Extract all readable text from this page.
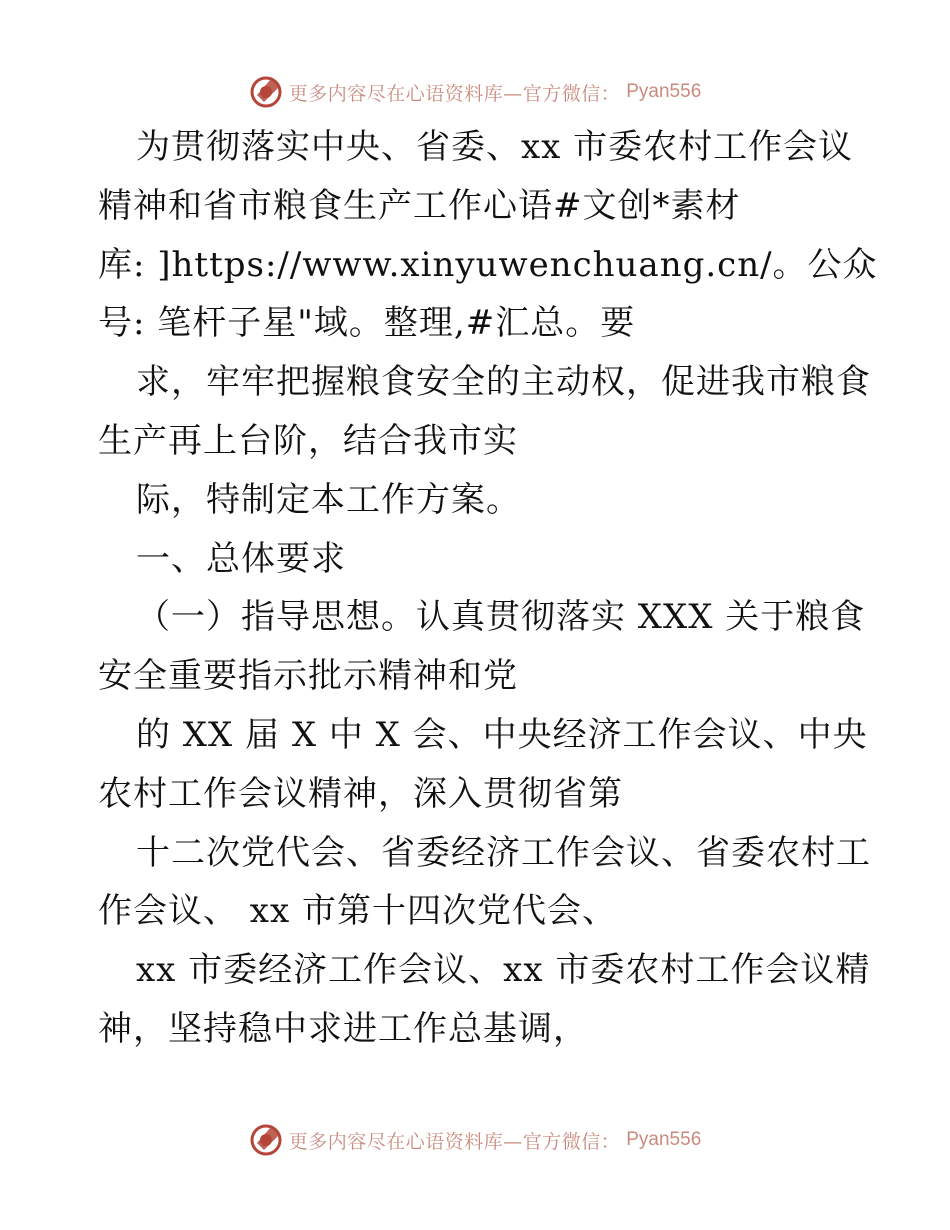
更多内容尽在心语资料库—官方微信： Pyan556
为贯彻落实中央、省委、xx 市委农村工作会议
精神和省市粮食生产工作心语#文创*素材
库: ]https://www.xinyuwenchuang.cn/。公众
号: 笔杆子星"域。整理,#汇总。要
求，牢牢把握粮食安全的主动权，促进我市粮食
生产再上台阶，结合我市实
际，特制定本工作方案。
一、总体要求
（一）指导思想。认真贯彻落实 XXX 关于粮食
安全重要指示批示精神和党
的 XX 届 X 中 X 会、中央经济工作会议、中央
农村工作会议精神，深入贯彻省第
十二次党代会、省委经济工作会议、省委农村工
作会议、 xx 市第十四次党代会、
xx 市委经济工作会议、xx 市委农村工作会议精
神，坚持稳中求进工作总基调，
更多内容尽在心语资料库—官方微信： Pyan556
